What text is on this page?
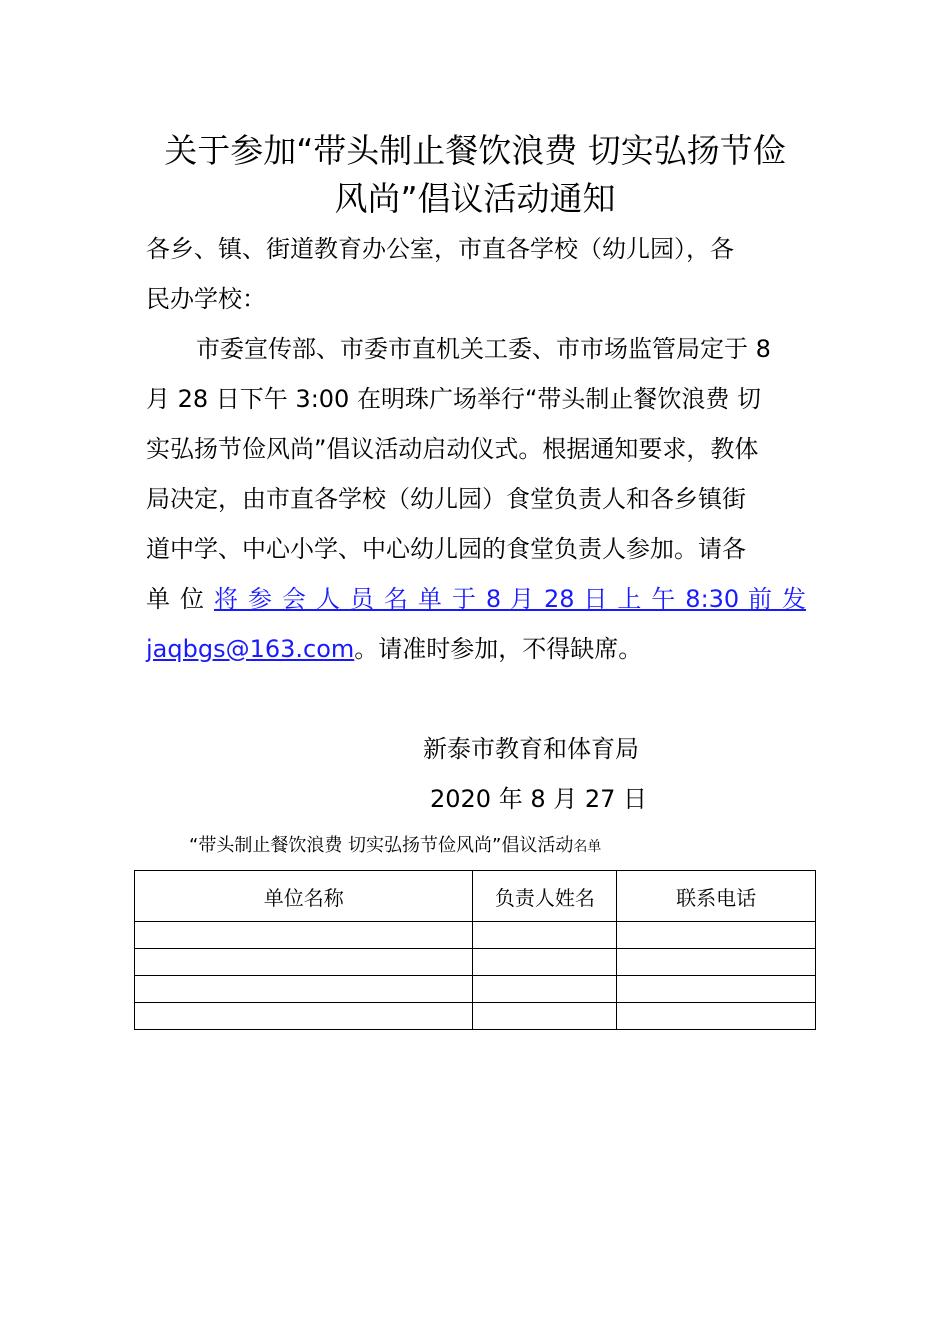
关于参加“带头制止餐饮浪费 切实弘扬节俭
风尚”倡议活动通知

各乡、镇、街道教育办公室，市直各学校（幼儿园），各

民办学校：

市委宣传部、市委市直机关工委、市市场监管局定于 8

月 28 日下午 3:00 在明珠广场举行“带头制止餐饮浪费 切

实弘扬节俭风尚”倡议活动启动仪式。根据通知要求，教体

局决定，由市直各学校（幼儿园）食堂负责人和各乡镇街

道中学、中心小学、中心幼儿园的食堂负责人参加。请各

单 位 将 参 会 人 员 名 单 于 8 月 28 日 上 午 8:30 前 发

jaqbgs@163.com。请准时参加，不得缺席。

新泰市教育和体育局

2020 年 8 月 27 日

“带头制止餐饮浪费 切实弘扬节俭风尚”倡议活动名单
单位名称	负责人姓名	联系电话
